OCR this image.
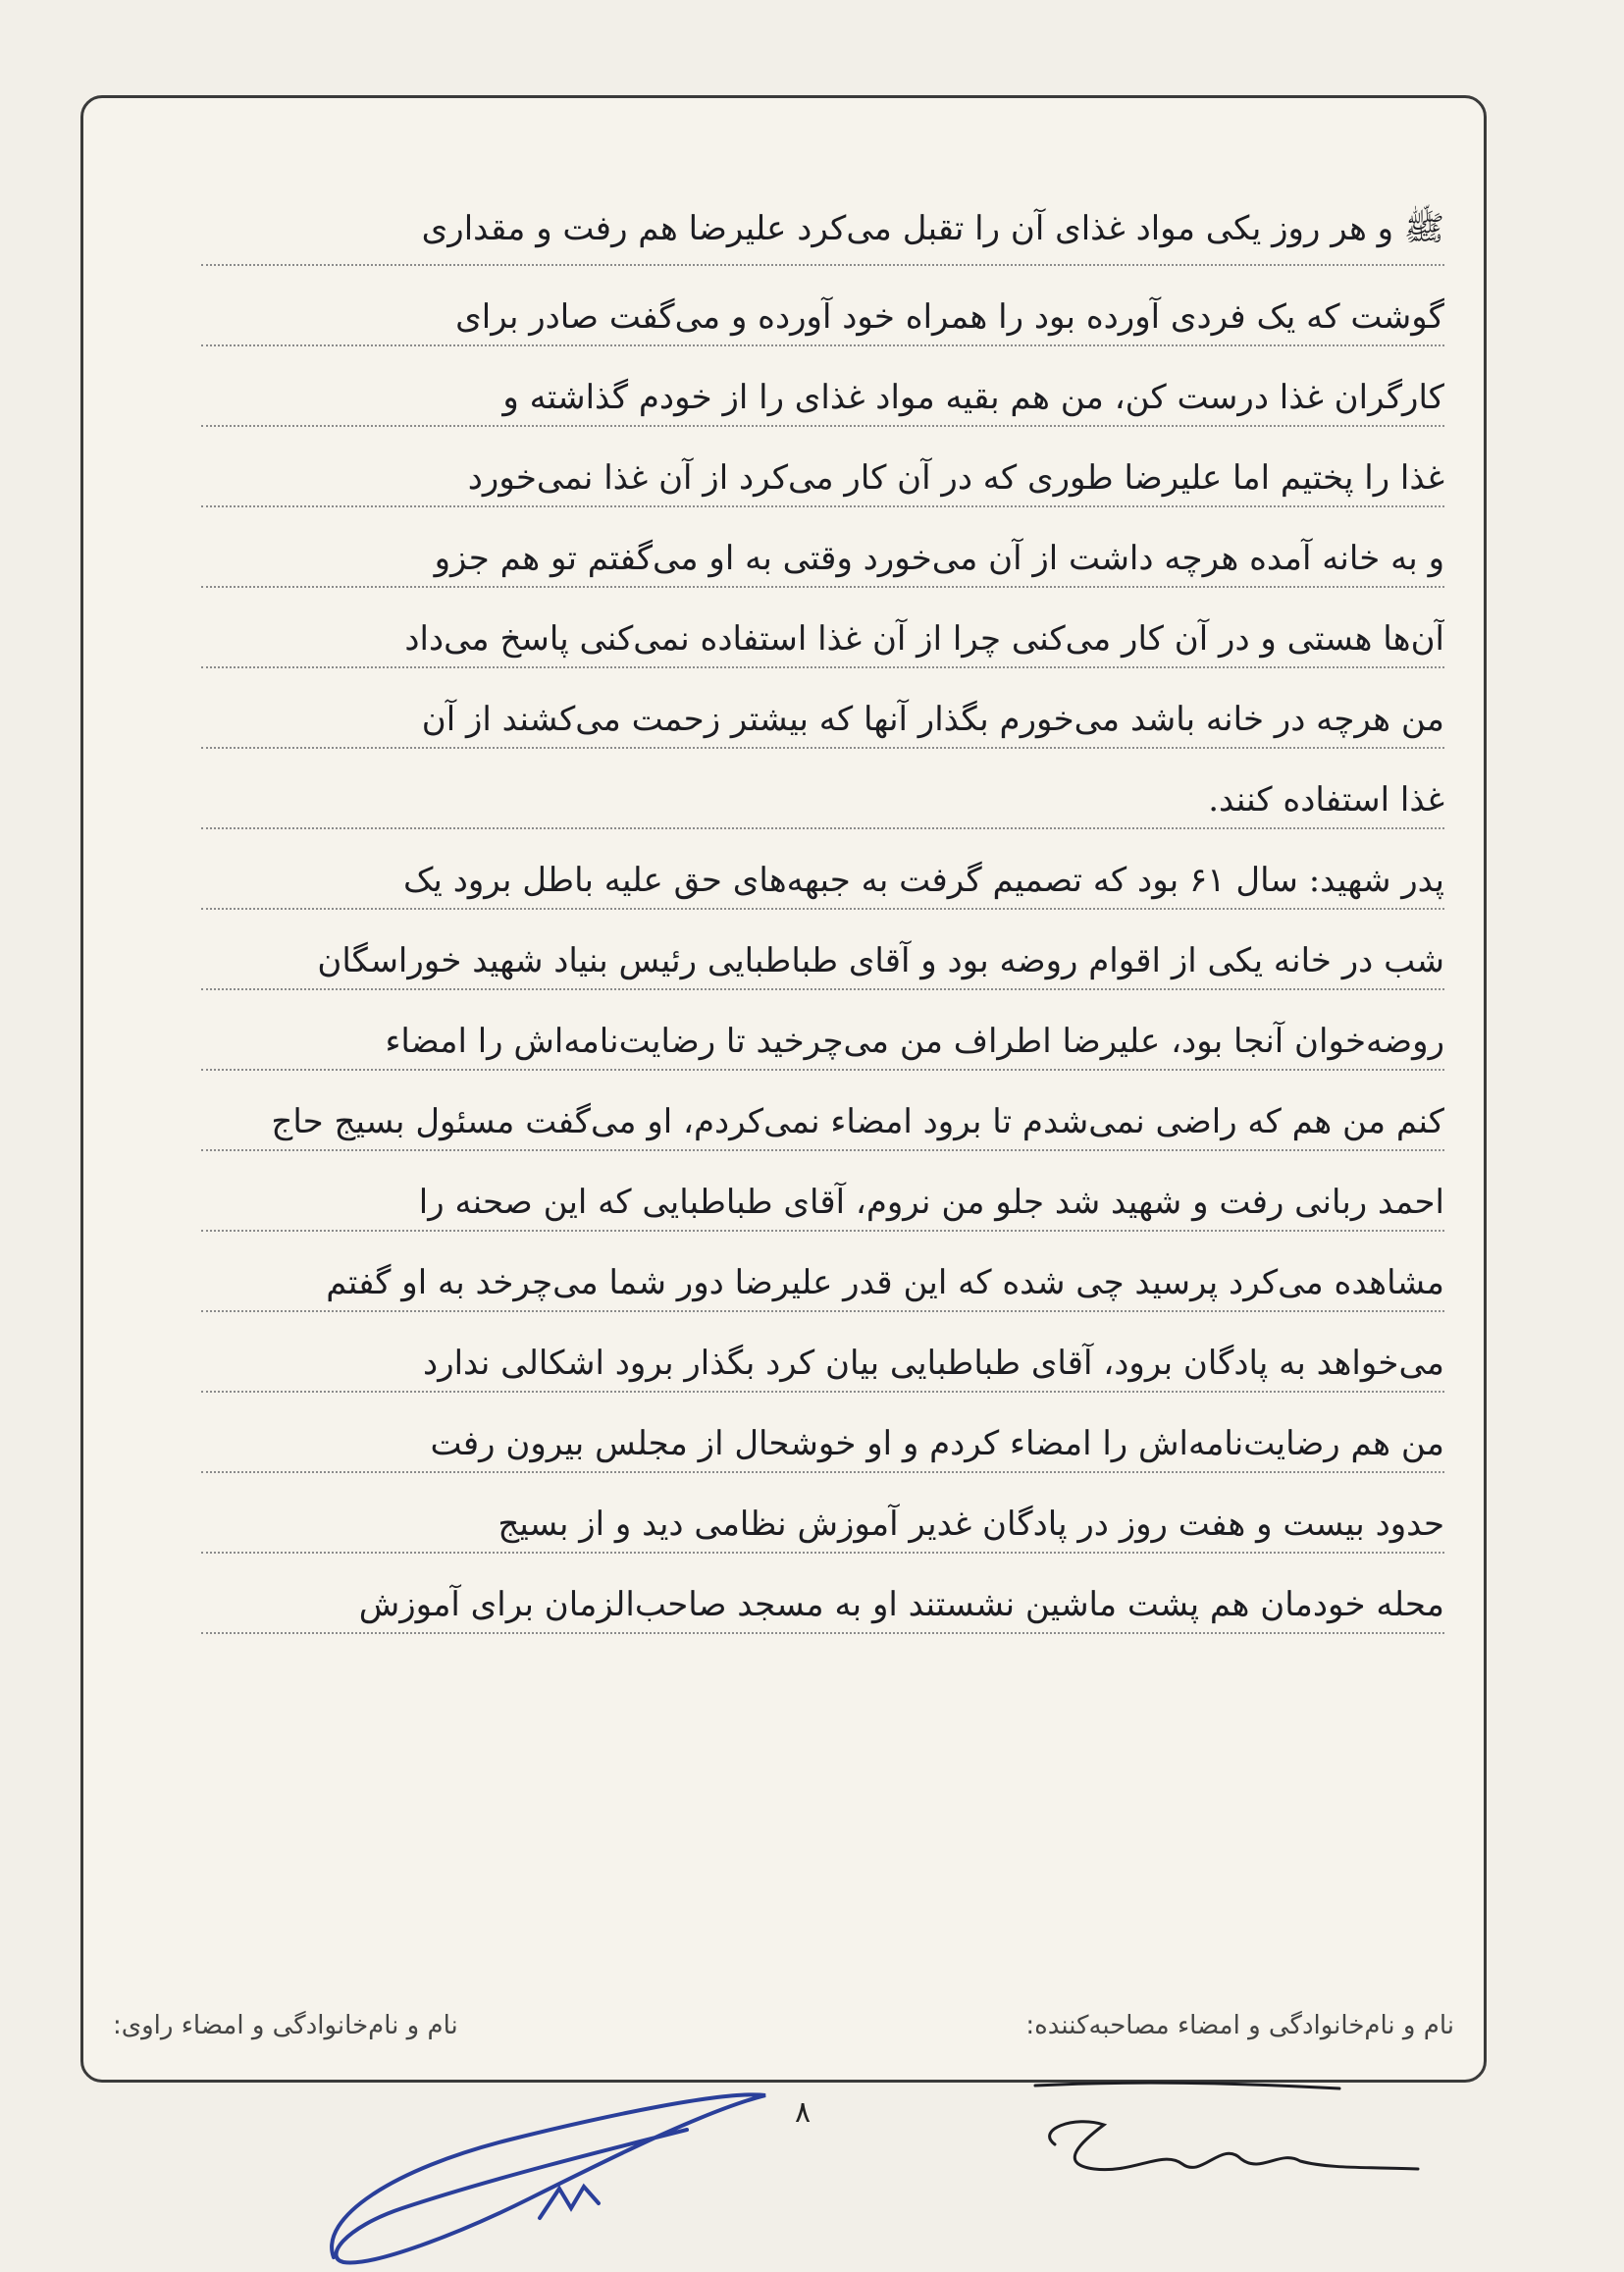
ﷺ و هر روز یکی مواد غذای آن را تقبل می‌کرد علیرضا هم رفت و مقداری
گوشت که یک فردی آورده بود را همراه خود آورده و می‌گفت صادر برای
کارگران غذا درست کن، من هم بقیه مواد غذای را از خودم گذاشته و
غذا را پختیم اما علیرضا طوری که در آن کار می‌کرد از آن غذا نمی‌خورد
و به خانه آمده هرچه داشت از آن می‌خورد وقتی به او می‌گفتم تو هم جزو
آن‌ها هستی و در آن کار می‌کنی چرا از آن غذا استفاده نمی‌کنی پاسخ می‌داد
من هرچه در خانه باشد می‌خورم بگذار آنها که بیشتر زحمت می‌کشند از آن
غذا استفاده کنند.
پدر شهید: سال ۶۱ بود که تصمیم گرفت به جبهه‌های حق علیه باطل برود یک
شب در خانه یکی از اقوام روضه بود و آقای طباطبایی رئیس بنیاد شهید خوراسگان
روضه‌خوان آنجا بود، علیرضا اطراف من می‌چرخید تا رضایت‌نامه‌اش را امضاء
کنم من هم که راضی نمی‌شدم تا برود امضاء نمی‌کردم، او می‌گفت مسئول بسیج حاج
احمد ربانی رفت و شهید شد جلو من نروم، آقای طباطبایی که این صحنه را
مشاهده می‌کرد پرسید چی شده که این قدر علیرضا دور شما می‌چرخد به او گفتم
می‌خواهد به پادگان برود، آقای طباطبایی بیان کرد بگذار برود اشکالی ندارد
من هم رضایت‌نامه‌اش را امضاء کردم و او خوشحال از مجلس بیرون رفت
حدود بیست و هفت روز در پادگان غدیر آموزش نظامی دید و از بسیج
محله خودمان هم پشت ماشین نشستند او به مسجد صاحب‌الزمان برای آموزش
نام و نام‌خانوادگی و امضاء مصاحبه‌کننده:
نام و نام‌خانوادگی و امضاء راوی:
۸
